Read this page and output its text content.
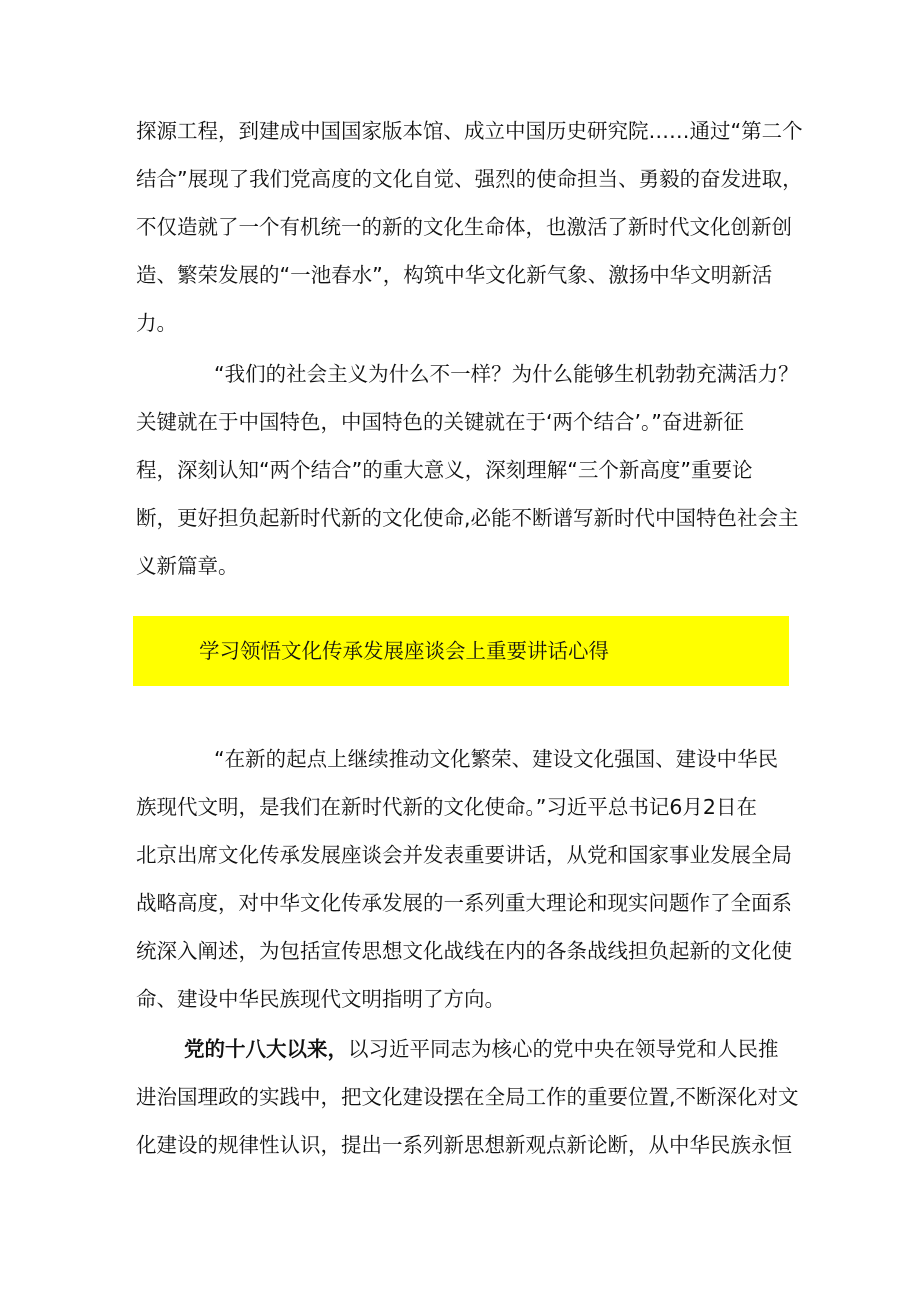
探源工程，到建成中国国家版本馆、成立中国历史研究院……通过“第二个
结合”展现了我们党高度的文化自觉、强烈的使命担当、勇毅的奋发进取，
不仅造就了一个有机统一的新的文化生命体，也激活了新时代文化创新创
造、繁荣发展的“一池春水”，构筑中华文化新气象、激扬中华文明新活
力。
“我们的社会主义为什么不一样？为什么能够生机勃勃充满活力？
关键就在于中国特色，中国特色的关键就在于‘两个结合’。”奋进新征
程，深刻认知“两个结合”的重大意义，深刻理解“三个新高度”重要论
断，更好担负起新时代新的文化使命,必能不断谱写新时代中国特色社会主
义新篇章。
学习领悟文化传承发展座谈会上重要讲话心得
“在新的起点上继续推动文化繁荣、建设文化强国、建设中华民
族现代文明，是我们在新时代新的文化使命。”习近平总书记6月2日在
北京出席文化传承发展座谈会并发表重要讲话，从党和国家事业发展全局
战略高度，对中华文化传承发展的一系列重大理论和现实问题作了全面系
统深入阐述，为包括宣传思想文化战线在内的各条战线担负起新的文化使
命、建设中华民族现代文明指明了方向。
党的十八大以来，以习近平同志为核心的党中央在领导党和人民推
进治国理政的实践中，把文化建设摆在全局工作的重要位置,不断深化对文
化建设的规律性认识，提出一系列新思想新观点新论断，从中华民族永恒
